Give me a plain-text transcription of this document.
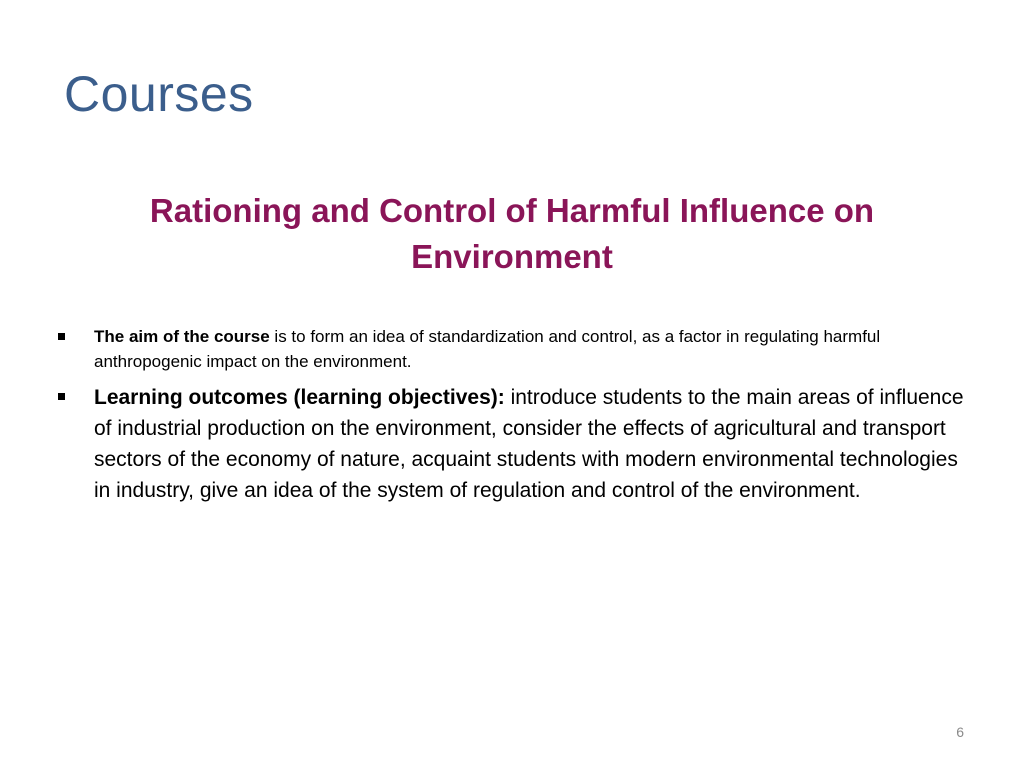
Courses
Rationing and Control of Harmful Influence on Environment
The aim of the course is to form an idea of standardization and control, as a factor in regulating harmful anthropogenic impact on the environment.
Learning outcomes (learning objectives): introduce students to the main areas of influence of industrial production on the environment, consider the effects of agricultural and transport sectors of the economy of nature, acquaint students with modern environmental technologies in industry, give an idea of the system of regulation and control of the environment.
6
